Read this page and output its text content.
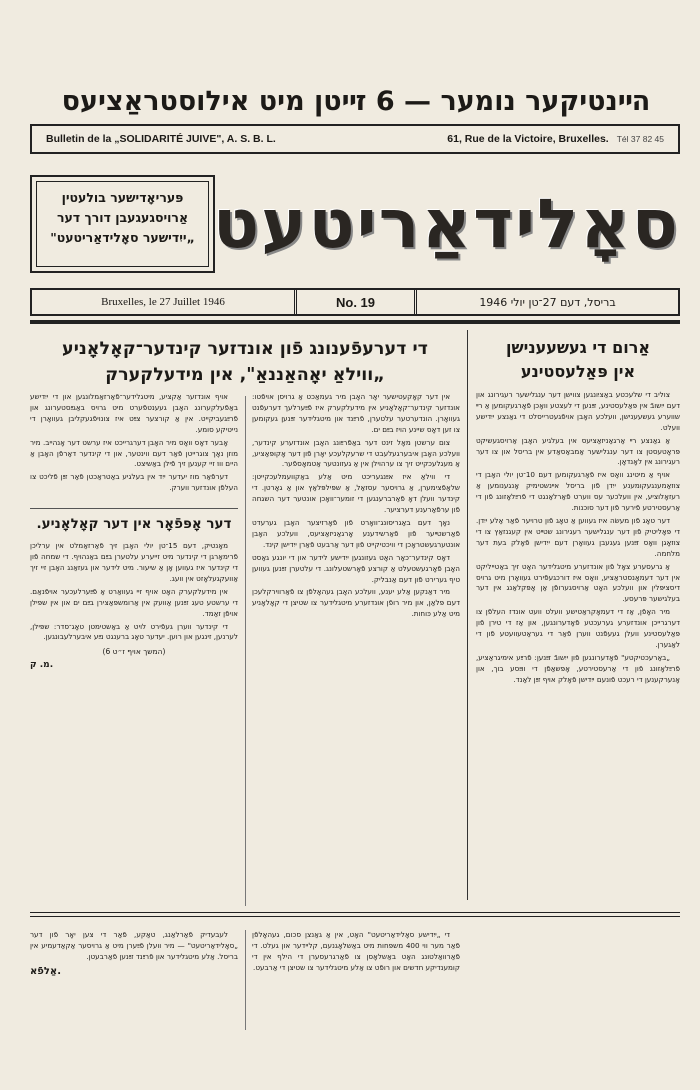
הײנטיקער נומער — 6 זײטן מיט אילוסטראַציעס
Bulletin de la „SOLIDARITÉ JUIVE", A. S. B. L.	61, Rue de la Victoire, Bruxelles. Tél 37 82 45
פּעריאָדישער בולעטין
אַרויסגעגעבן דורך דער
„ייִדישער סאָלידאַריטעט" סאָלידאַריטעט
Bruxelles, le 27 Juillet 1946	No. 19	בריסל, דעם 27־טן יולי 1946
אַרום די געשעענישן
אין פּאַלעסטינע

צוליב די שלעכטע באַציִונגען צווישן דער ענגלישער רעגירונג און דעם ייִשובֿ אין פּאַלעסטינע, זײַנען די לעצטע וואָכן פֿאָרגעקומען אַ רײ שווערע געשעענישן, וועלכע האָבן אויפֿגעטרייסלט די גאַנצע ייִדישע וועלט.

אַ גאַנצע רײ אַרגאַניזאַציעס אין בעלגיע האָבן אַרויסגעשיקט פּראָטעסטן צו דער ענגלישער אַמבאַסאַדע אין בריסל און צו דער רעגירונג אין לאָנדאָן.

אויף אַ מיטינג וואָס איז פֿאָרגעקומען דעם 10־טן יולי האָבן די צוזאַמענגעקומענע ייִדן פֿון בריסל אײנשטימיק אָנגענומען אַ רעזאָלוציע, אין וועלכער עס ווערט פֿאַרלאַנגט די פֿרײַלאָזונג פֿון די אַרעסטירטע פֿירער פֿון דער סוכנות.

דער טאָג פֿון מעשׂה איז געווען אַ טאָג פֿון טרויער פֿאַר אַלע ייִדן. די פּאָליטיק פֿון דער ענגלישער רעגירונג שטײט אין קעגנזאַץ צו די צוזאָגן וואָס זײַנען געגעבן געוואָרן דעם ייִדישן פֿאָלק בעת דער מלחמה.

אַ גרעסערע צאָל פֿון אונדזערע מיטגלידער האָט זיך באַטייליקט אין דער דעמאָנסטראַציע, וואָס איז דורכגעפֿירט געוואָרן מיט גרויס דיסציפּלין און וועלכע האָט אַרויסגערופֿן אַן אָפּקלאַנג אין דער בעלגישער פּרעסע.

מיר האָפֿן, אַז די דעמאָקראַטישע וועלט וועט אונדז העלפֿן צו דערגרייכן אונדזערע גערעכטע פֿאָדערונגען, און אַז די טירן פֿון פּאַלעסטינע וועלן געעפֿנט ווערן פֿאַר די געראַטעוועטע פֿון די לאַגערן.

„באַרעכטיקטע" פֿאָדערונגען פֿון ייִשובֿ זײַנען: פֿרײַע אימיגראַציע, פֿרײַלאָזונג פֿון די אַרעסטירטע, אָפּשאַפֿן די ווײַסע בוך, און אָנערקענען די רעכט פֿונעם ייִדישן פֿאָלק אויף זײַן לאַנד.

די דערעפֿענונג פֿון אונדזער קינדער־קאָלאָניע
„ווילאַ יאָהאַננאַ", אין מידעלקערק

אין דער קאָקעטישער יאָר האָבן מיר געמאַכט אַ גרויסן אויפֿטו: אונדזער קינדער־קאָלאָניע אין מידעלקערק איז פֿײַערלעך דערעפֿנט געוואָרן. הונדערטער עלטערן, פֿרײַנד און מיטגלידער זײַנען געקומען צו זען דאָס שיינע הויז בײַם ים.

צום ערשטן מאָל זינט דער באַפֿרײַונג האָבן אונדזערע קינדער, וועלכע האָבן איבערגעלעבט די שרעקלעכע יאָרן פֿון דער אָקופּאַציע, אַ מעגלעכקייט זיך צו ערהוילן אין אַ געזונטער אַטמאָספֿער.

די ווילאַ איז אײַנגעריכט מיט אַלע באַקוועמלעכקייטן: שלאָפֿצימערן, אַ גרויסער עסזאַל, אַ שפּילפּלאַץ און אַ גאָרטן. די קינדער וועלן דאָ פֿאַרברענגען די זומער־וואָכן אונטער דער השגחה פֿון ערפֿאַרענע דערציער.

נאָך דעם באַגריסונג־וואָרט פֿון פֿאָרזיצער האָבן גערעדט פֿאַרשטײער פֿון פֿאַרשידענע אָרגאַניזאַציעס, וועלכע האָבן אונטערגעשטראָכן די וויכטיקייט פֿון דער אַרבעט פֿאַרן ייִדישן קינד.

דאָס קינדער־כאָר האָט געזונגען ייִדישע לידער און די יונגע גאַסט האָבן פֿאָרגעשטעלט אַ קורצע פֿאָרשטעלונג. די עלטערן זײַנען געווען טיף גערירט פֿון דעם אַנבליק.

מיר דאַנקען אַלע יענע, וועלכע האָבן געהאָלפֿן צו פֿאַרווירקלעכן דעם פּלאַן, און מיר רופֿן אונדזערע מיטגלידער צו שטיצן די קאָלאָניע מיט אַלע כּוחות.

אויף אונדזער אַקציע, מיטגלידער־פֿאַרזאַמלונגען און די ייִדישע באַפֿעלקערונג האָבן געענטפֿערט מיט גרויס באַגײַסטערונג און פֿרײַגעביקייט. אין אַ קורצער צײַט איז צונויפֿגעקליבן געוואָרן די נייטיקע סומע.

אָבער דאָס וואָס מיר האָבן דערגרייכט איז ערשט דער אָנהייב. מיר מוזן נאָך צוגרייטן פֿאַר דעם ווינטער, און די קינדער דאַרפֿן האָבן אַ היים וווּ זיי קענען זיך פֿילן באַשיצט.

דערפֿאַר מוז יעדער ייִד אין בעלגיע באַטראַכטן פֿאַר זײַן פֿליכט צו העלפֿן אונדזער ווערק.

דער אָפּפֿאָר אין דער קאָלאָניע.

מאָנטיק, דעם 15־טן יולי האָבן זיך פֿאַרזאַמלט אין ערליכן פֿרימאָרגן די קינדער מיט זייערע עלטערן בײַם באַנהויף. די שמחה פֿון די קינדער איז געווען אָן אַ שיעור. מיט לידער און געזאַנג האָבן זיי זיך אַוועקגעלאָזט אין וועג.

אין מידעלקערק האָט אויף זיי געוואַרט אַ פֿײַערלעכער אויפֿנאַם. די ערשטע טעג זײַנען אַוועק אין אַרומשפּאַצירן בײַם ים און אין שפּילן אויפֿן זאַמד.

די קינדער ווערן געפֿירט לויט אַ באַשטימטן טאָג־סדר: שפּילן, לערנען, זינגען און רוען. יעדער טאָג ברענגט נײַע איבערלעבונגען.

(המשך אויף ז״ט 6)
מ. ק.

די „ייִדישע סאָלידאַריטעט" האָט, אין אַ גאַנצן סכום, געהאָלפֿן פֿאַר מער ווי 400 משפּחות מיט באַשלאָגנעם, קליידער און געלט. די פֿאַרוואַלטונג האָט באַשלאָסן צו פֿאַרגרעסערן די הילף אין די קומענדיקע חדשים און רופֿט צו אַלע מיטגלידער צו שטיצן די אַרבעט.

לעבעדיק פֿאַרלאַנג, טאַקע, פֿאַר די צען יאָר פֿון דער „סאָלידאַריטעט" — מיר וועלן פֿײַערן מיט אַ גרויסער אַקאַדעמיע אין בריסל. אַלע מיטגלידער און פֿרײַנד זײַנען פֿאַרבעטן.

אַלפֿא.
